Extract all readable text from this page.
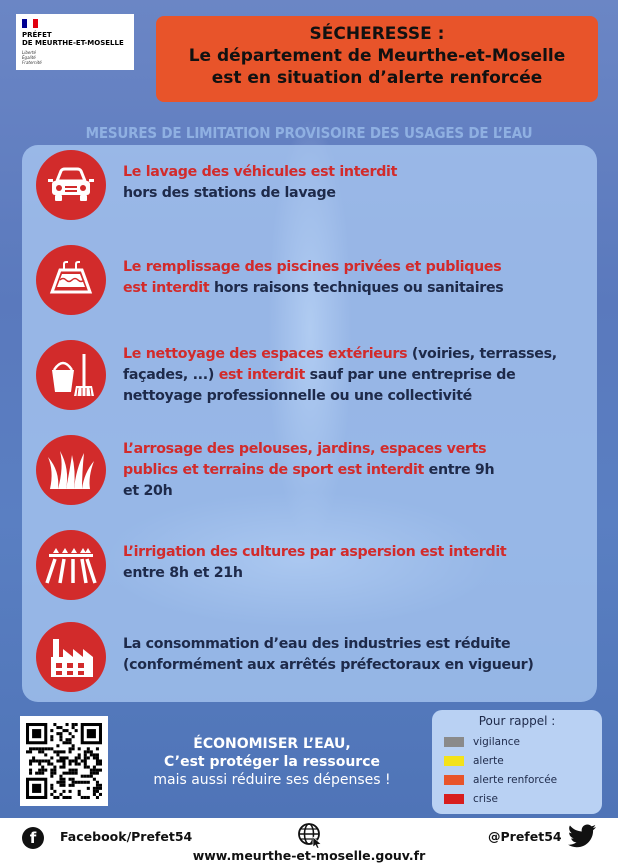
PRÉFET
DE MEURTHE-ET-MOSELLE
Liberté
Égalité
Fraternité
SÉCHERESSE :
Le département de Meurthe-et-Moselle
est en situation d’alerte renforcée
MESURES DE LIMITATION PROVISOIRE DES USAGES DE L’EAU
Le lavage des véhicules est interdit
hors des stations de lavage
Le remplissage des piscines privées et publiques
est interdit hors raisons techniques ou sanitaires
Le nettoyage des espaces extérieurs (voiries, terrasses,
façades, ...) est interdit sauf par une entreprise de
nettoyage professionnelle ou une collectivité
L’arrosage des pelouses, jardins, espaces verts
publics et terrains de sport est interdit entre 9h
et 20h
L’irrigation des cultures par aspersion est interdit
entre 8h et 21h
La consommation d’eau des industries est réduite
(conformément aux arrêtés préfectoraux en vigueur)
ÉCONOMISER L’EAU,
C’est protéger la ressource
mais aussi réduire ses dépenses !
Pour rappel :
vigilance
alerte
alerte renforcée
crise
f	Facebook/Prefet54
www.meurthe-et-moselle.gouv.fr
@Prefet54
